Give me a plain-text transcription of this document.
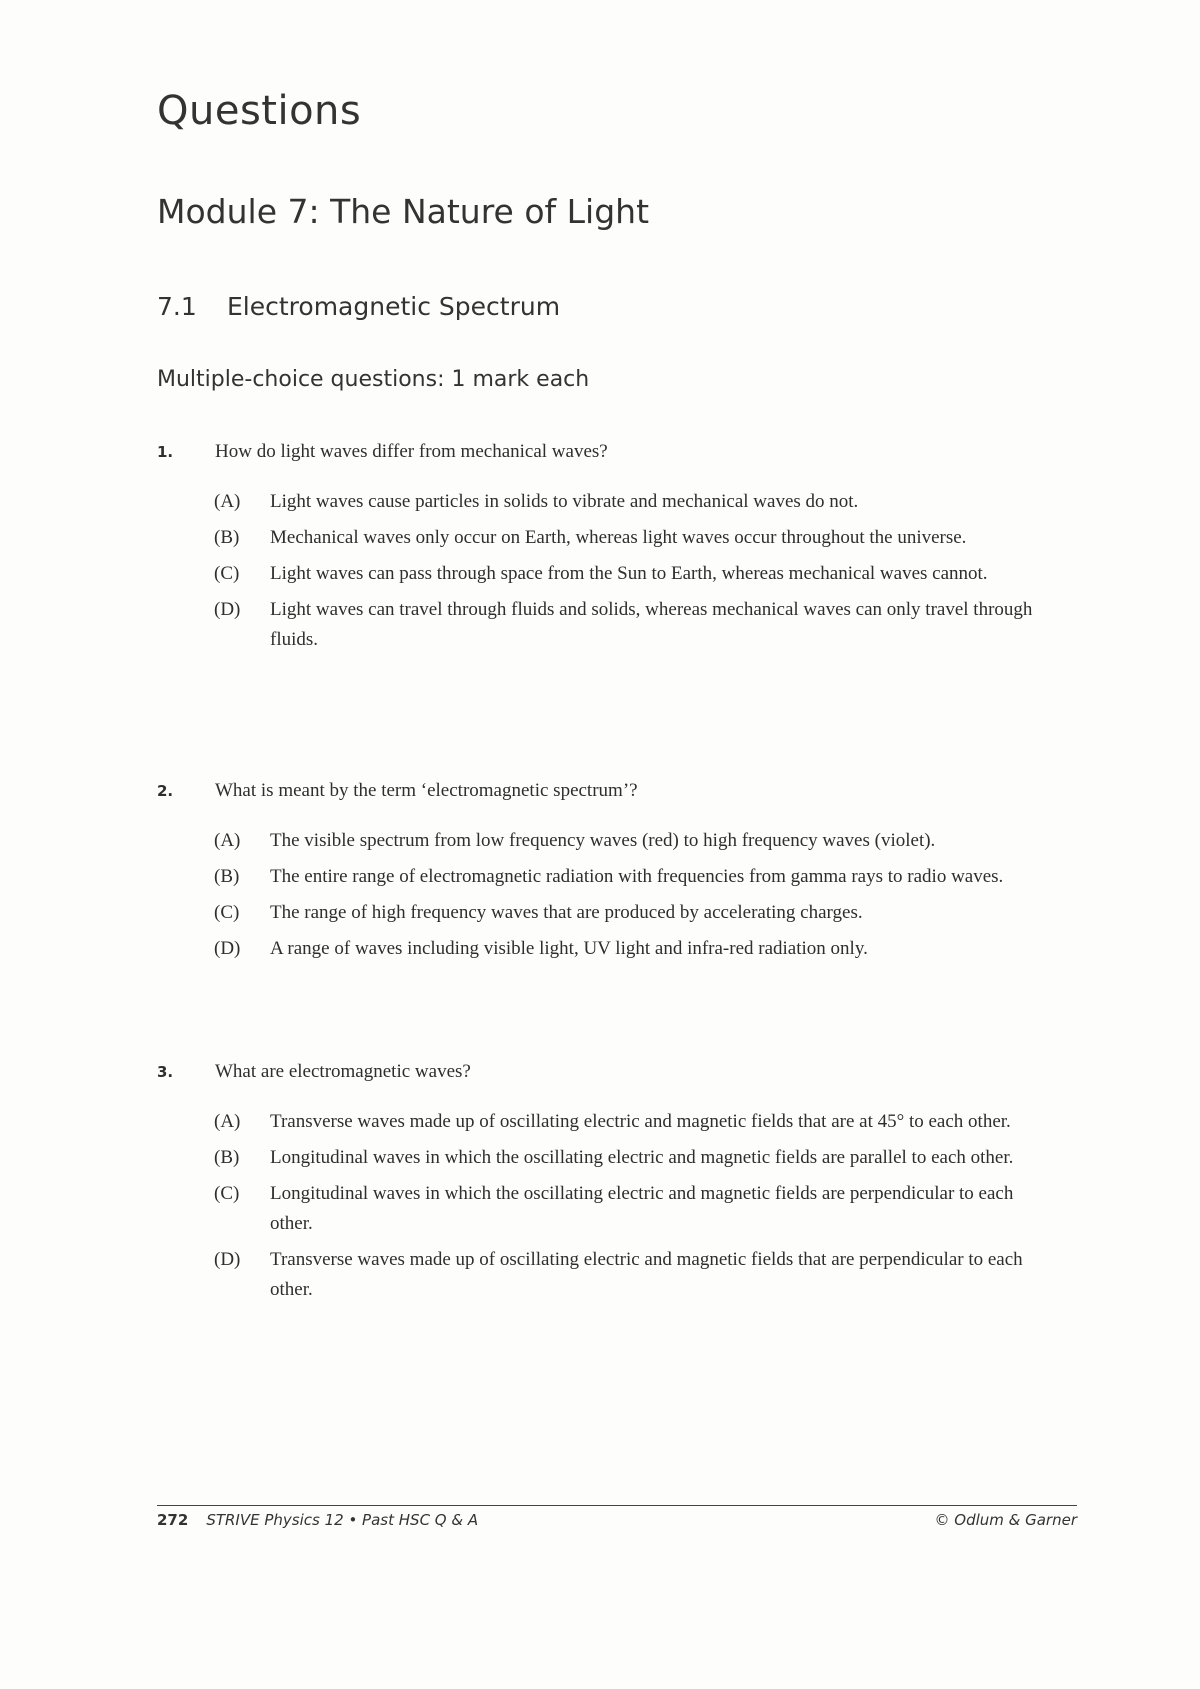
Questions
Module 7: The Nature of Light
7.1 Electromagnetic Spectrum
Multiple-choice questions: 1 mark each
1.	How do light waves differ from mechanical waves?
(A)	Light waves cause particles in solids to vibrate and mechanical waves do not.
(B)	Mechanical waves only occur on Earth, whereas light waves occur throughout the universe.
(C)	Light waves can pass through space from the Sun to Earth, whereas mechanical waves cannot.
(D)	Light waves can travel through fluids and solids, whereas mechanical waves can only travel through fluids.
2.	What is meant by the term ‘electromagnetic spectrum’?
(A)	The visible spectrum from low frequency waves (red) to high frequency waves (violet).
(B)	The entire range of electromagnetic radiation with frequencies from gamma rays to radio waves.
(C)	The range of high frequency waves that are produced by accelerating charges.
(D)	A range of waves including visible light, UV light and infra-red radiation only.
3.	What are electromagnetic waves?
(A)	Transverse waves made up of oscillating electric and magnetic fields that are at 45° to each other.
(B)	Longitudinal waves in which the oscillating electric and magnetic fields are parallel to each other.
(C)	Longitudinal waves in which the oscillating electric and magnetic fields are perpendicular to each other.
(D)	Transverse waves made up of oscillating electric and magnetic fields that are perpendicular to each other.
272 STRIVE Physics 12 • Past HSC Q & A	© Odlum & Garner
